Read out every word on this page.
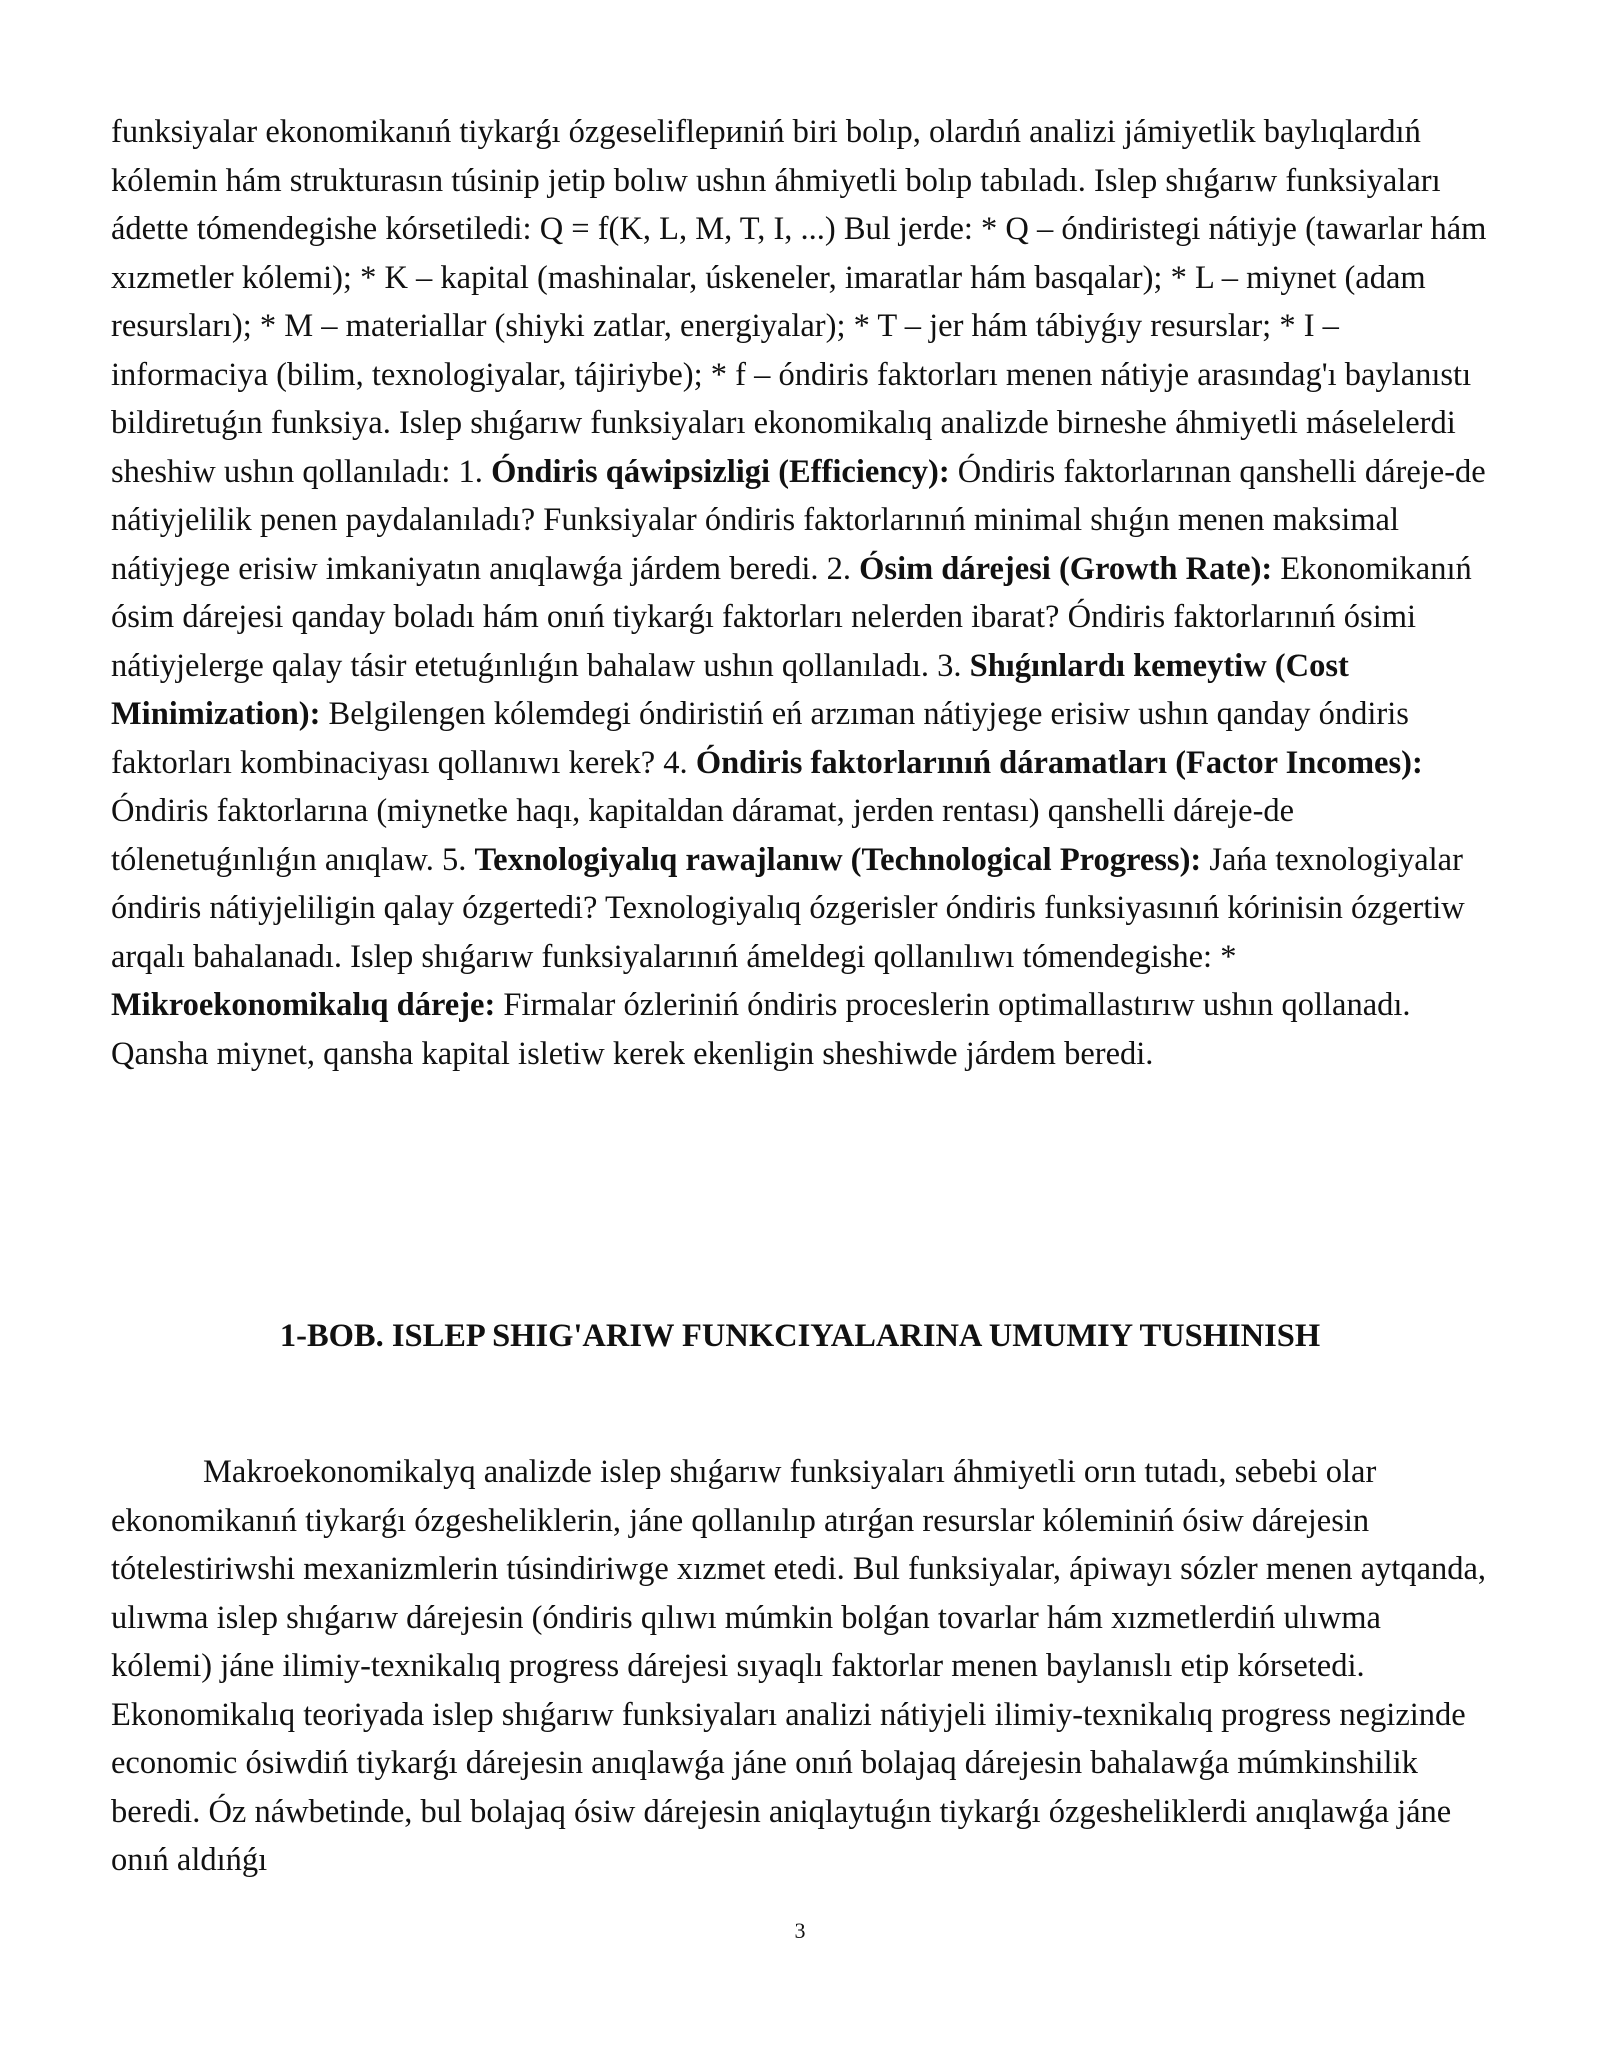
funksiyalar ekonomikanıń tiykarǵı ózgeseliflериniń biri bolıp, olardıń analizi jámiyetlik baylıqlardıń kólemin hám strukturasın túsinip jetip bolıw ushın áhmiyetli bolıp tabıladı. Islep shıǵarıw funksiyaları ádette tómendegishe kórsetiledi: Q = f(K, L, M, T, I, ...) Bul jerde: * Q – óndiristegi nátiyje (tawarlar hám xızmetler kólemi); * K – kapital (mashinalar, úskeneler, imaratlar hám basqalar); * L – miynet (adam resursları); * M – materiallar (shiyki zatlar, energiyalar); * T – jer hám tábiyǵıy resurslar; * I – informaciya (bilim, texnologiyalar, tájiriybe); * f – óndiris faktorları menen nátiyje arasındag'ı baylanıstı bildiretuǵın funksiya. Islep shıǵarıw funksiyaları ekonomikalıq analizde birneshe áhmiyetli máselelerdi sheshiw ushın qollanıladı: 1. Óndiris qáwipsizligi (Efficiency): Óndiris faktorlarınan qanshelli dáreje-de nátiyjelilik penen paydalanıladı? Funksiyalar óndiris faktorlarınıń minimal shıǵın menen maksimal nátiyjege erisiw imkaniyatın anıqlawǵa járdem beredi. 2. Ósim dárejesi (Growth Rate): Ekonomikanıń ósim dárejesi qanday boladı hám onıń tiykarǵı faktorları nelerden ibarat? Óndiris faktorlarınıń ósimi nátiyjelerge qalay tásir etetuǵınlıǵın bahalaw ushın qollanıladı. 3. Shıǵınlardı kemeytiw (Cost Minimization): Belgilengen kólemdegi óndiristiń eń arzıman nátiyjege erisiw ushın qanday óndiris faktorları kombinaciyası qollanıwı kerek? 4. Óndiris faktorlarınıń dáramatları (Factor Incomes): Óndiris faktorlarına (miynetke haqı, kapitaldan dáramat, jerden rentası) qanshelli dáreje-de tólenetuǵınlıǵın anıqlaw. 5. Texnologiyalıq rawajlanıw (Technological Progress): Jańa texnologiyalar óndiris nátiyjeliligin qalay ózgertedi? Texnologiyalıq ózgerisler óndiris funksiyasınıń kórinisin ózgertiw arqalı bahalanadı. Islep shıǵarıw funksiyalarınıń ámeldegi qollanılıwı tómendegishe: * Mikroekonomikalıq dáreje: Firmalar ózleriniń óndiris proceslerin optimallastırıw ushın qollanadı. Qansha miynet, qansha kapital isletiw kerek ekenligin sheshiwde járdem beredi.

1-BOB. ISLEP SHIG'ARIW FUNKCIYALARINA UMUMIY TUSHINISH

Makroekonomikalyq analizde islep shıǵarıw funksiyaları áhmiyetli orın tutadı, sebebi olar ekonomikanıń tiykarǵı ózgesheliklerin, jáne qollanılıp atırǵan resurslar kóleminiń ósiw dárejesin tótelestiriwshi mexanizmlerin túsindiriwge xızmet etedi. Bul funksiyalar, ápiwayı sózler menen aytqanda, ulıwma islep shıǵarıw dárejesin (óndiris qılıwı múmkin bolǵan tovarlar hám xızmetlerdiń ulıwma kólemi) jáne ilimiy-texnikalıq progress dárejesi sıyaqlı faktorlar menen baylanıslı etip kórsetedi. Ekonomikalıq teoriyada islep shıǵarıw funksiyaları analizi nátiyjeli ilimiy-texnikalıq progress negizinde economic ósiwdiń tiykarǵı dárejesin anıqlawǵa jáne onıń bolajaq dárejesin bahalawǵa múmkinshilik beredi. Óz náwbetinde, bul bolajaq ósiw dárejesin aniqlaytuǵın tiykarǵı ózgesheliklerdi anıqlawǵa jáne onıń aldıńǵı

3
